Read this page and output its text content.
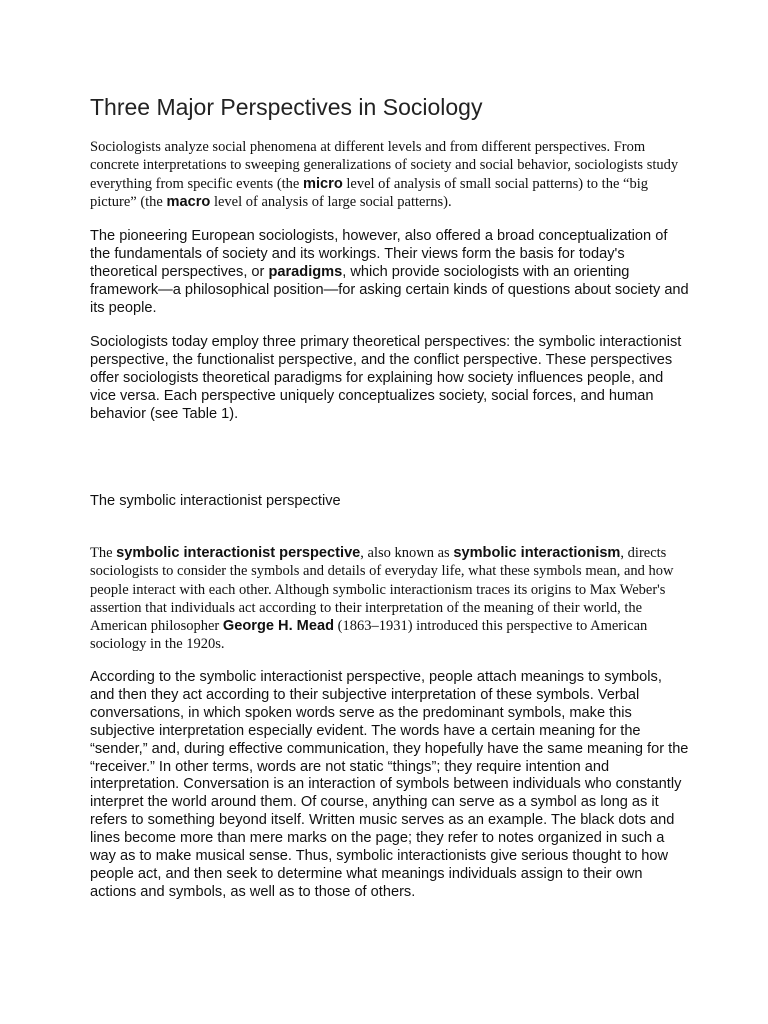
Three Major Perspectives in Sociology

Sociologists analyze social phenomena at different levels and from different perspectives. From concrete interpretations to sweeping generalizations of society and social behavior, sociologists study everything from specific events (the micro level of analysis of small social patterns) to the “big picture” (the macro level of analysis of large social patterns).

The pioneering European sociologists, however, also offered a broad conceptualization of the fundamentals of society and its workings. Their views form the basis for today's theoretical perspectives, or paradigms, which provide sociologists with an orienting framework—a philosophical position—for asking certain kinds of questions about society and its people.

Sociologists today employ three primary theoretical perspectives: the symbolic interactionist perspective, the functionalist perspective, and the conflict perspective. These perspectives offer sociologists theoretical paradigms for explaining how society influences people, and vice versa. Each perspective uniquely conceptualizes society, social forces, and human behavior (see Table 1).

The symbolic interactionist perspective

The symbolic interactionist perspective, also known as symbolic interactionism, directs sociologists to consider the symbols and details of everyday life, what these symbols mean, and how people interact with each other. Although symbolic interactionism traces its origins to Max Weber's assertion that individuals act according to their interpretation of the meaning of their world, the American philosopher George H. Mead (1863–1931) introduced this perspective to American sociology in the 1920s.

According to the symbolic interactionist perspective, people attach meanings to symbols, and then they act according to their subjective interpretation of these symbols. Verbal conversations, in which spoken words serve as the predominant symbols, make this subjective interpretation especially evident. The words have a certain meaning for the “sender,” and, during effective communication, they hopefully have the same meaning for the “receiver.” In other terms, words are not static “things”; they require intention and interpretation. Conversation is an interaction of symbols between individuals who constantly interpret the world around them. Of course, anything can serve as a symbol as long as it refers to something beyond itself. Written music serves as an example. The black dots and lines become more than mere marks on the page; they refer to notes organized in such a way as to make musical sense. Thus, symbolic interactionists give serious thought to how people act, and then seek to determine what meanings individuals assign to their own actions and symbols, as well as to those of others.
